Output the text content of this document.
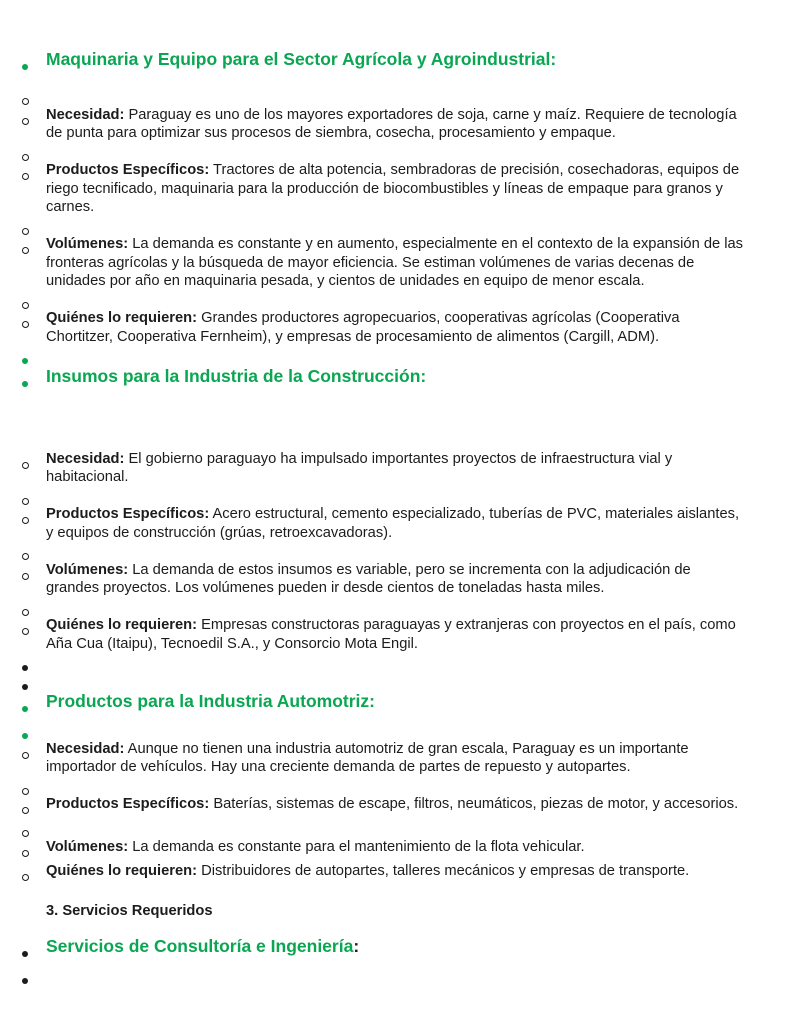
Maquinaria y Equipo para el Sector Agrícola y Agroindustrial:

Necesidad: Paraguay es uno de los mayores exportadores de soja, carne y maíz. Requiere de tecnología de punta para optimizar sus procesos de siembra, cosecha, procesamiento y empaque.

Productos Específicos: Tractores de alta potencia, sembradoras de precisión, cosechadoras, equipos de riego tecnificado, maquinaria para la producción de biocombustibles y líneas de empaque para granos y carnes.

Volúmenes: La demanda es constante y en aumento, especialmente en el contexto de la expansión de las fronteras agrícolas y la búsqueda de mayor eficiencia. Se estiman volúmenes de varias decenas de unidades por año en maquinaria pesada, y cientos de unidades en equipo de menor escala.

Quiénes lo requieren: Grandes productores agropecuarios, cooperativas agrícolas (Cooperativa Chortitzer, Cooperativa Fernheim), y empresas de procesamiento de alimentos (Cargill, ADM).

Insumos para la Industria de la Construcción:

Necesidad: El gobierno paraguayo ha impulsado importantes proyectos de infraestructura vial y habitacional.

Productos Específicos: Acero estructural, cemento especializado, tuberías de PVC, materiales aislantes, y equipos de construcción (grúas, retroexcavadoras).

Volúmenes: La demanda de estos insumos es variable, pero se incrementa con la adjudicación de grandes proyectos. Los volúmenes pueden ir desde cientos de toneladas hasta miles.

Quiénes lo requieren: Empresas constructoras paraguayas y extranjeras con proyectos en el país, como Aña Cua (Itaipu), Tecnoedil S.A., y Consorcio Mota Engil.

Productos para la Industria Automotriz:

Necesidad: Aunque no tienen una industria automotriz de gran escala, Paraguay es un importante importador de vehículos. Hay una creciente demanda de partes de repuesto y autopartes.

Productos Específicos: Baterías, sistemas de escape, filtros, neumáticos, piezas de motor, y accesorios.

Volúmenes: La demanda es constante para el mantenimiento de la flota vehicular.

Quiénes lo requieren: Distribuidores de autopartes, talleres mecánicos y empresas de transporte.

3. Servicios Requeridos

Servicios de Consultoría e Ingeniería:
